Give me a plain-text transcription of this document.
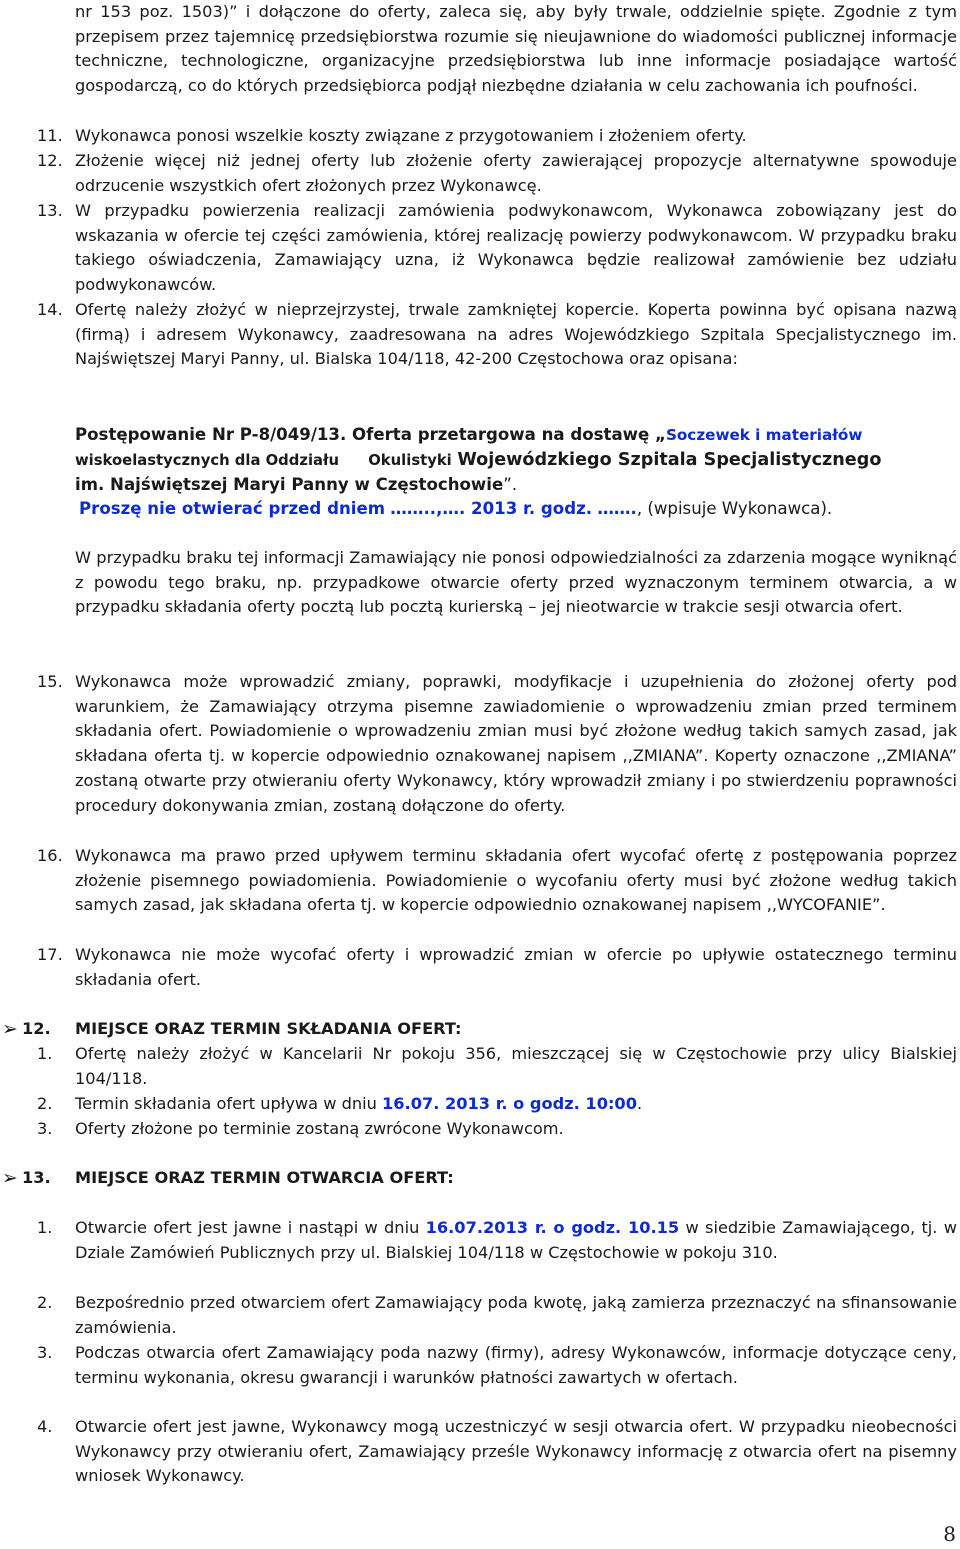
nr 153 poz. 1503)” i dołączone do oferty, zaleca się, aby były trwale, oddzielnie spięte. Zgodnie z tym przepisem przez tajemnicę przedsiębiorstwa rozumie się nieujawnione do wiadomości publicznej informacje techniczne, technologiczne, organizacyjne przedsiębiorstwa lub inne informacje posiadające wartość gospodarczą, co do których przedsiębiorca podjął niezbędne działania w celu zachowania ich poufności.

11. Wykonawca ponosi wszelkie koszty związane z przygotowaniem i złożeniem oferty.

12. Złożenie więcej niż jednej oferty lub złożenie oferty zawierającej propozycje alternatywne spowoduje odrzucenie wszystkich ofert złożonych przez Wykonawcę.

13. W przypadku powierzenia realizacji zamówienia podwykonawcom, Wykonawca zobowiązany jest do wskazania w ofercie tej części zamówienia, której realizację powierzy podwykonawcom. W przypadku braku takiego oświadczenia, Zamawiający uzna, iż Wykonawca będzie realizował zamówienie bez udziału podwykonawców.

14. Ofertę należy złożyć w nieprzejrzystej, trwale zamkniętej kopercie. Koperta powinna być opisana nazwą (firmą) i adresem Wykonawcy, zaadresowana na adres Wojewódzkiego Szpitala Specjalistycznego im. Najświętszej Maryi Panny, ul. Bialska 104/118, 42-200 Częstochowa oraz opisana:

Postępowanie Nr P-8/049/13. Oferta przetargowa na dostawę „Soczewek i materiałów
wiskoelastycznych dla Oddziału Okulistyki Wojewódzkiego Szpitala Specjalistycznego
im. Najświętszej Maryi Panny w Częstochowie”.
Proszę nie otwierać przed dniem ……..,…. 2013 r. godz. ……., (wpisuje Wykonawca).

W przypadku braku tej informacji Zamawiający nie ponosi odpowiedzialności za zdarzenia mogące wyniknąć z powodu tego braku, np. przypadkowe otwarcie oferty przed wyznaczonym terminem otwarcia, a w przypadku składania oferty pocztą lub pocztą kurierską – jej nieotwarcie w trakcie sesji otwarcia ofert.

15. Wykonawca może wprowadzić zmiany, poprawki, modyfikacje i uzupełnienia do złożonej oferty pod warunkiem, że Zamawiający otrzyma pisemne zawiadomienie o wprowadzeniu zmian przed terminem składania ofert. Powiadomienie o wprowadzeniu zmian musi być złożone według takich samych zasad, jak składana oferta tj. w kopercie odpowiednio oznakowanej napisem ,,ZMIANA”. Koperty oznaczone ,,ZMIANA” zostaną otwarte przy otwieraniu oferty Wykonawcy, który wprowadził zmiany i po stwierdzeniu poprawności procedury dokonywania zmian, zostaną dołączone do oferty.

16. Wykonawca ma prawo przed upływem terminu składania ofert wycofać ofertę z postępowania poprzez złożenie pisemnego powiadomienia. Powiadomienie o wycofaniu oferty musi być złożone według takich samych zasad, jak składana oferta tj. w kopercie odpowiednio oznakowanej napisem ,,WYCOFANIE”.

17. Wykonawca nie może wycofać oferty i wprowadzić zmian w ofercie po upływie ostatecznego terminu składania ofert.

➢ 12. MIEJSCE ORAZ TERMIN SKŁADANIA OFERT:
1. Ofertę należy złożyć w Kancelarii Nr pokoju 356, mieszczącej się w Częstochowie przy ulicy Bialskiej 104/118.

2. Termin składania ofert upływa w dniu 16.07. 2013 r. o godz. 10:00.

3. Oferty złożone po terminie zostaną zwrócone Wykonawcom.

➢ 13. MIEJSCE ORAZ TERMIN OTWARCIA OFERT:
1. Otwarcie ofert jest jawne i nastąpi w dniu 16.07.2013 r. o godz. 10.15 w siedzibie Zamawiającego, tj. w Dziale Zamówień Publicznych przy ul. Bialskiej 104/118 w Częstochowie w pokoju 310.

2. Bezpośrednio przed otwarciem ofert Zamawiający poda kwotę, jaką zamierza przeznaczyć na sfinansowanie zamówienia.

3. Podczas otwarcia ofert Zamawiający poda nazwy (firmy), adresy Wykonawców, informacje dotyczące ceny, terminu wykonania, okresu gwarancji i warunków płatności zawartych w ofertach.

4. Otwarcie ofert jest jawne, Wykonawcy mogą uczestniczyć w sesji otwarcia ofert. W przypadku nieobecności Wykonawcy przy otwieraniu ofert, Zamawiający prześle Wykonawcy informację z otwarcia ofert na pisemny wniosek Wykonawcy.

8
